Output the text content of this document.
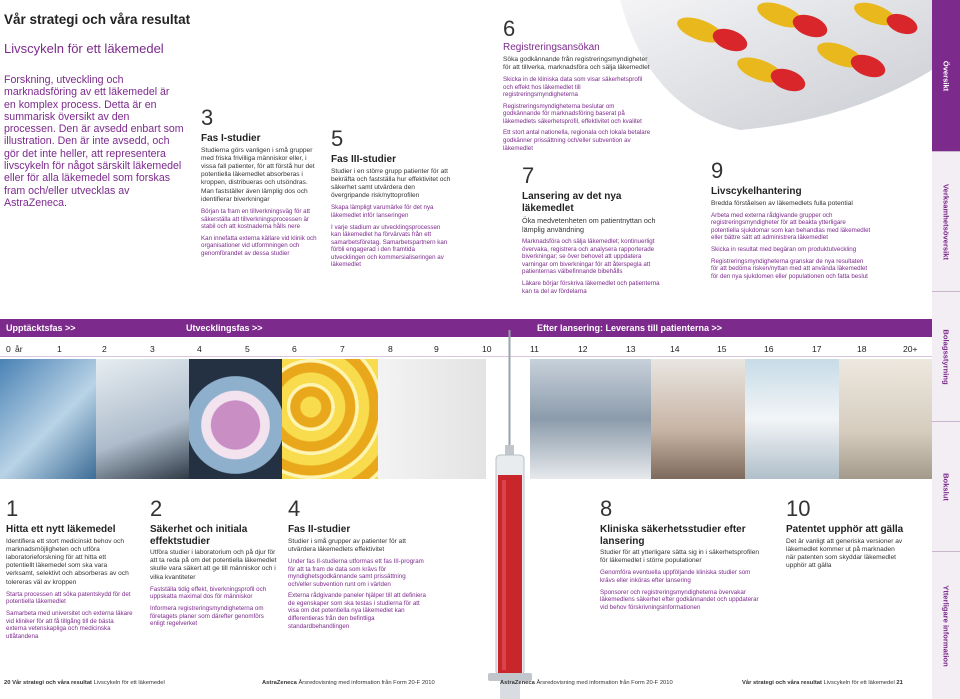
Vår strategi och våra resultat
Livscykeln för ett läkemedel
Forskning, utveckling och marknadsföring av ett läkemedel är en komplex process. Detta är en summarisk översikt av den processen. Den är avsedd enbart som illustration. Den är inte avsedd, och gör det inte heller, att representera livscykeln för något särskilt läkemedel eller för alla läkemedel som forskas fram och/eller utvecklas av AstraZeneca.
3
Fas I-studier
Studierna görs vanligen i små grupper med friska frivilliga människor eller, i vissa fall patienter, för att förstå hur det potentiella läkemedlet absorberas i kroppen, distribueras och utsöndras. Man fastställer även lämplig dos och identifierar biverkningar
Början ta fram en tillverkningsväg för att säkerställa att tillverkningsprocessen är stabil och att kostnaderna hålls nere
Kan innefatta externa källare vid klinik och organisationer vid utformningen och genomförandet av dessa studier
5
Fas III-studier
Studier i en större grupp patienter för att bekräfta och fastställa hur effektivitet och säkerhet samt utvärdera den övergripande risk/nyttoprofilen
Skapa lämpligt varumärke för det nya läkemedlet inför lanseringen
I varje stadium av utvecklingsprocessen kan läkemedlet ha förvärvats från ett samarbetsföretag. Samarbetspartnern kan förbli engagerad i den framtida utvecklingen och kommersialiseringen av läkemedlet
6
Registreringsansökan
Söka godkännande från registreringsmyndigheter för att tillverka, marknadsföra och sälja läkemedlet
Skicka in de kliniska data som visar säkerhetsprofil och effekt hos läkemedlet till registreringsmyndigheterna
Registreringsmyndigheterna beslutar om godkännande för marknadsföring baserat på läkemedlets säkerhetsprofil, effektivitet och kvalitet
Ett stort antal nationella, regionala och lokala betalare godkänner prissättning och/eller subvention av läkemedlet
7
Lansering av det nya läkemedlet
Öka medvetenheten om patientnyttan och lämplig användning
Marknadsföra och sälja läkemedlet; kontinuerligt övervaka, registrera och analysera rapporterade biverkningar; se över behovet att uppdatera varningar om biverkningar för att återspegla att patienternas välbefinnande bibehålls
Läkare börjar förskriva läkemedlet och patienterna kan ta del av fördelarna
9
Livscykelhantering
Bredda förståelsen av läkemedlets fulla potential
Arbeta med externa rådgivande grupper och registreringsmyndigheter för att beakta ytterligare potentiella sjukdomar som kan behandlas med läkemedlet eller bättre sätt att administrera läkemedlet
Skicka in resultat med begäran om produktutveckling
Registreringsmyndigheterna granskar de nya resultaten för att bedöma risken/nyttan med att använda läkemedlet för den nya sjukdomen eller populationen och fatta beslut
Upptäcktsfas >>	Utvecklingsfas >>	Efter lansering: Leverans till patienterna >>
0 år	1	2	3	4	5	6	7	8	9	10	11	12	13	14	15	16	17	18	20+
1
Hitta ett nytt läkemedel
Identifiera ett stort medicinskt behov och marknadsmöjligheten och utföra laboratorieforskning för att hitta ett potentiellt läkemedel som ska vara verksamt, selektivt och absorberas av och tolereras väl av kroppen
Starta processen att söka patentskydd för det potentiella läkemedlet
Samarbeta med universitet och externa läkare vid kliniker för att få tillgång till de bästa externa vetenskapliga och medicinska utlåtandena
2
Säkerhet och initiala effektstudier
Utföra studier i laboratorium och på djur för att ta reda på om det potentiella läkemedlet skulle vara säkert att ge till människor och i vilka kvantiteter
Fastställa tidig effekt, biverkningsprofil och uppskatta maximal dos för människor
Informera registreringsmyndigheterna om företagets planer som därefter genomförs enligt regelverket
4
Fas II-studier
Studier i små grupper av patienter för att utvärdera läkemedlets effektivitet
Under fas II-studierna utformas ett fas III-program för att ta fram de data som krävs för myndighetsgodkännande samt prissättning och/eller subvention runt om i världen
Externa rådgivande paneler hjälper till att definiera de egenskaper som ska testas i studierna för att visa om det potentiella nya läkemedlet kan differentieras från den befintliga standardbehandlingen
8
Kliniska säkerhetsstudier efter lansering
Studier för att ytterligare sätta sig in i säkerhetsprofilen för läkemedlet i större populationer
Genomföra eventuella uppföljande kliniska studier som krävs eller inköras efter lansering
Sponsorer och registreringsmyndigheterna övervakar läkemedlens säkerhet efter godkännandet och uppdaterar vid behov förskrivningsinformationen
10
Patentet upphör att gälla
Det är vanligt att generiska versioner av läkemedlet kommer ut på marknaden när patenten som skyddar läkemedlet upphör att gälla
Översikt
Verksamhetsöversikt
Bolagsstyrning
Bokslut
Ytterligare information
20 Vår strategi och våra resultat Livscykeln för ett läkemedel	AstraZeneca Årsredovisning med information från Form 20-F 2010	AstraZeneca Årsredovisning med information från Form 20-F 2010	Vår strategi och våra resultat Livscykeln för ett läkemedel 21
